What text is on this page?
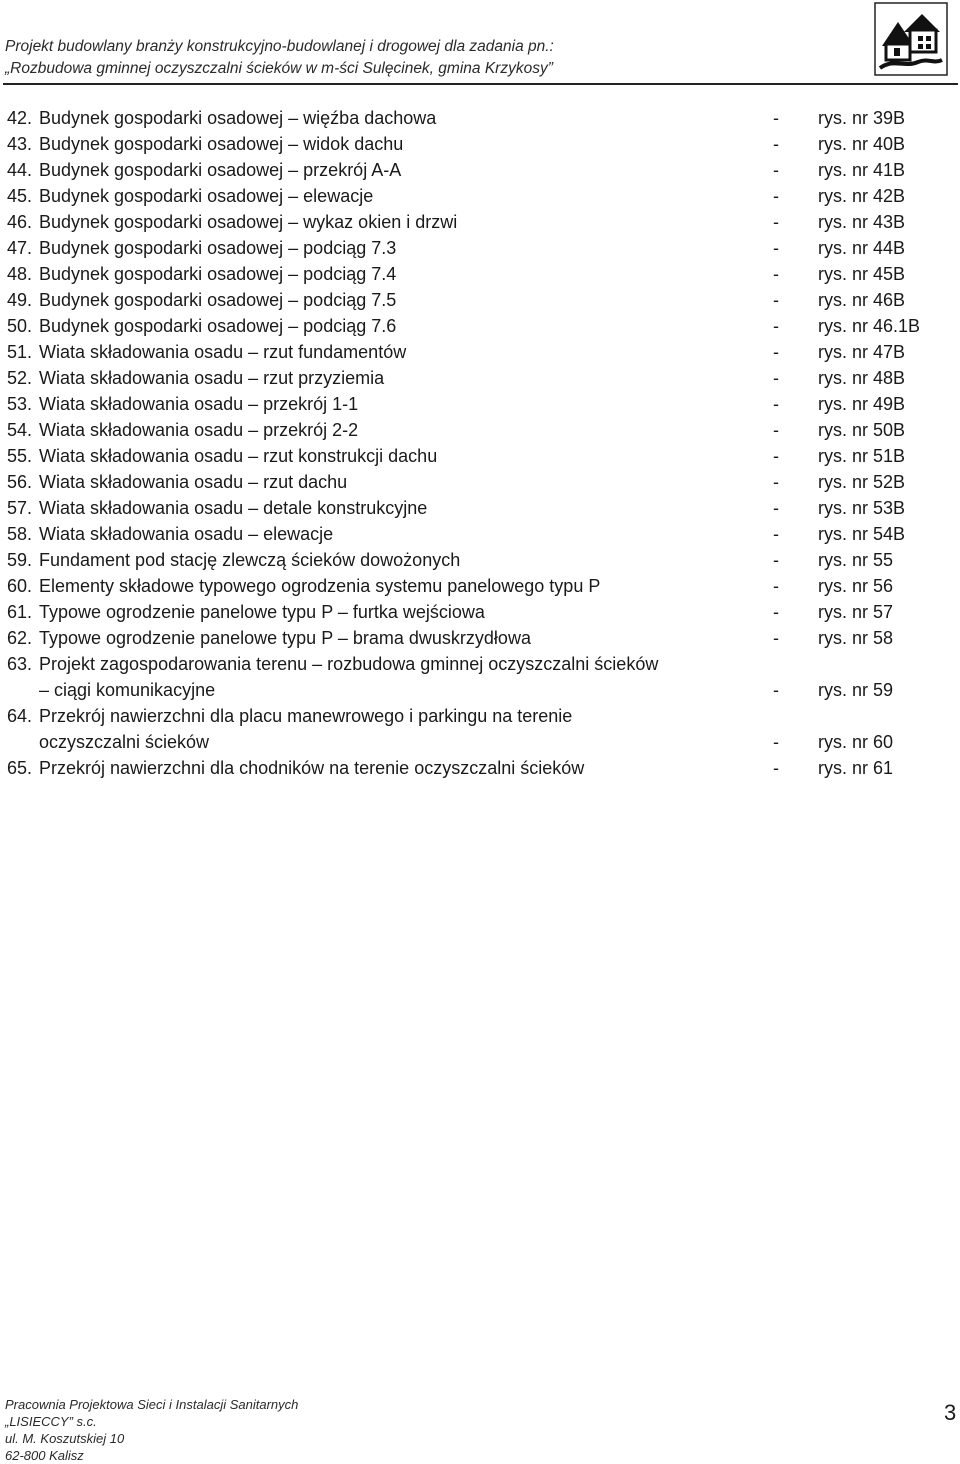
Projekt budowlany branży konstrukcyjno-budowlanej i drogowej dla zadania pn.:
„Rozbudowa gminnej oczyszczalni ścieków w m-ści Sulęcinek, gmina Krzykosy”
42. Budynek gospodarki osadowej – więźba dachowa	- rys. nr 39B
43. Budynek gospodarki osadowej – widok dachu	- rys. nr 40B
44. Budynek gospodarki osadowej – przekrój A-A	- rys. nr 41B
45. Budynek gospodarki osadowej – elewacje	- rys. nr 42B
46. Budynek gospodarki osadowej – wykaz okien i drzwi	- rys. nr 43B
47. Budynek gospodarki osadowej – podciąg 7.3	- rys. nr 44B
48. Budynek gospodarki osadowej – podciąg 7.4	- rys. nr 45B
49. Budynek gospodarki osadowej – podciąg 7.5	- rys. nr 46B
50. Budynek gospodarki osadowej – podciąg 7.6	- rys. nr 46.1B
51. Wiata składowania osadu – rzut fundamentów	- rys. nr 47B
52. Wiata składowania osadu – rzut przyziemia	- rys. nr 48B
53. Wiata składowania osadu – przekrój 1-1	- rys. nr 49B
54. Wiata składowania osadu – przekrój 2-2	- rys. nr 50B
55. Wiata składowania osadu – rzut konstrukcji dachu	- rys. nr 51B
56. Wiata składowania osadu – rzut dachu	- rys. nr 52B
57. Wiata składowania osadu – detale konstrukcyjne	- rys. nr 53B
58. Wiata składowania osadu – elewacje	- rys. nr 54B
59. Fundament pod stację zlewczą ścieków dowożonych	- rys. nr 55
60. Elementy składowe typowego ogrodzenia systemu panelowego typu P	- rys. nr 56
61. Typowe ogrodzenie panelowe typu P – furtka wejściowa	- rys. nr 57
62. Typowe ogrodzenie panelowe typu P – brama dwuskrzydłowa	- rys. nr 58
63. Projekt zagospodarowania terenu – rozbudowa gminnej oczyszczalni ścieków
– ciągi komunikacyjne	- rys. nr 59
64. Przekrój nawierzchni dla placu manewrowego i parkingu na terenie
oczyszczalni ścieków	- rys. nr 60
65. Przekrój nawierzchni dla chodników na terenie oczyszczalni ścieków	- rys. nr 61
Pracownia Projektowa Sieci i Instalacji Sanitarnych
„LISIECCY” s.c.
ul. M. Koszutskiej 10
62-800 Kalisz
3
